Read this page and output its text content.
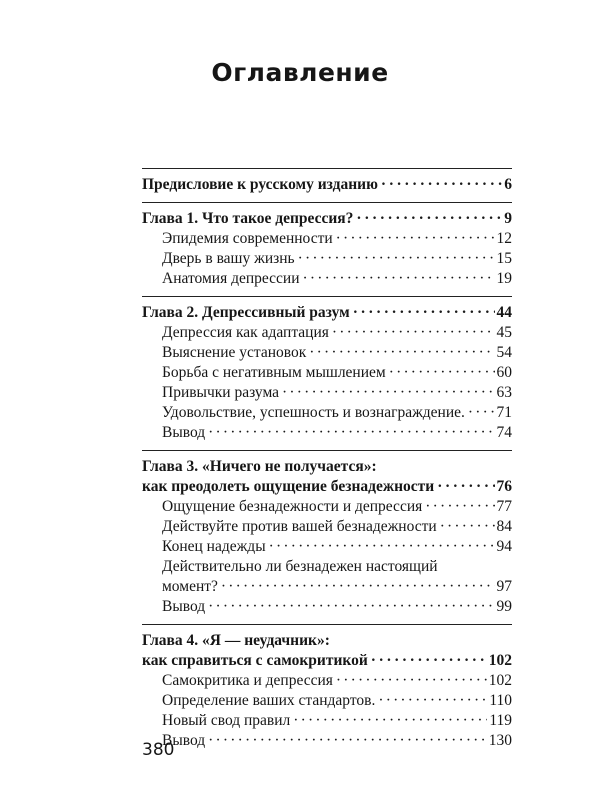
Оглавление
Предисловие к русскому изданию ·····	6
Глава 1. Что такое депрессия? ·····	9
Эпидемия современности ·····	12
Дверь в вашу жизнь ·····	15
Анатомия депрессии ·····	19
Глава 2. Депрессивный разум ·····	44
Депрессия как адаптация ·····	45
Выяснение установок ·····	54
Борьба с негативным мышлением ·····	60
Привычки разума ·····	63
Удовольствие, успешность и вознаграждение. ····· 71
Вывод ·····	74
Глава 3. «Ничего не получается»:
как преодолеть ощущение безнадежности ·····	76
Ощущение безнадежности и депрессия ·····	77
Действуйте против вашей безнадежности ·····	84
Конец надежды ·····	94
Действительно ли безнадежен настоящий
момент? ·····	97
Вывод ·····	99
Глава 4. «Я — неудачник»:
как справиться с самокритикой ·····	102
Самокритика и депрессия ·····	102
Определение ваших стандартов. ·····	110
Новый свод правил ·····	119
Вывод ·····	130
380
